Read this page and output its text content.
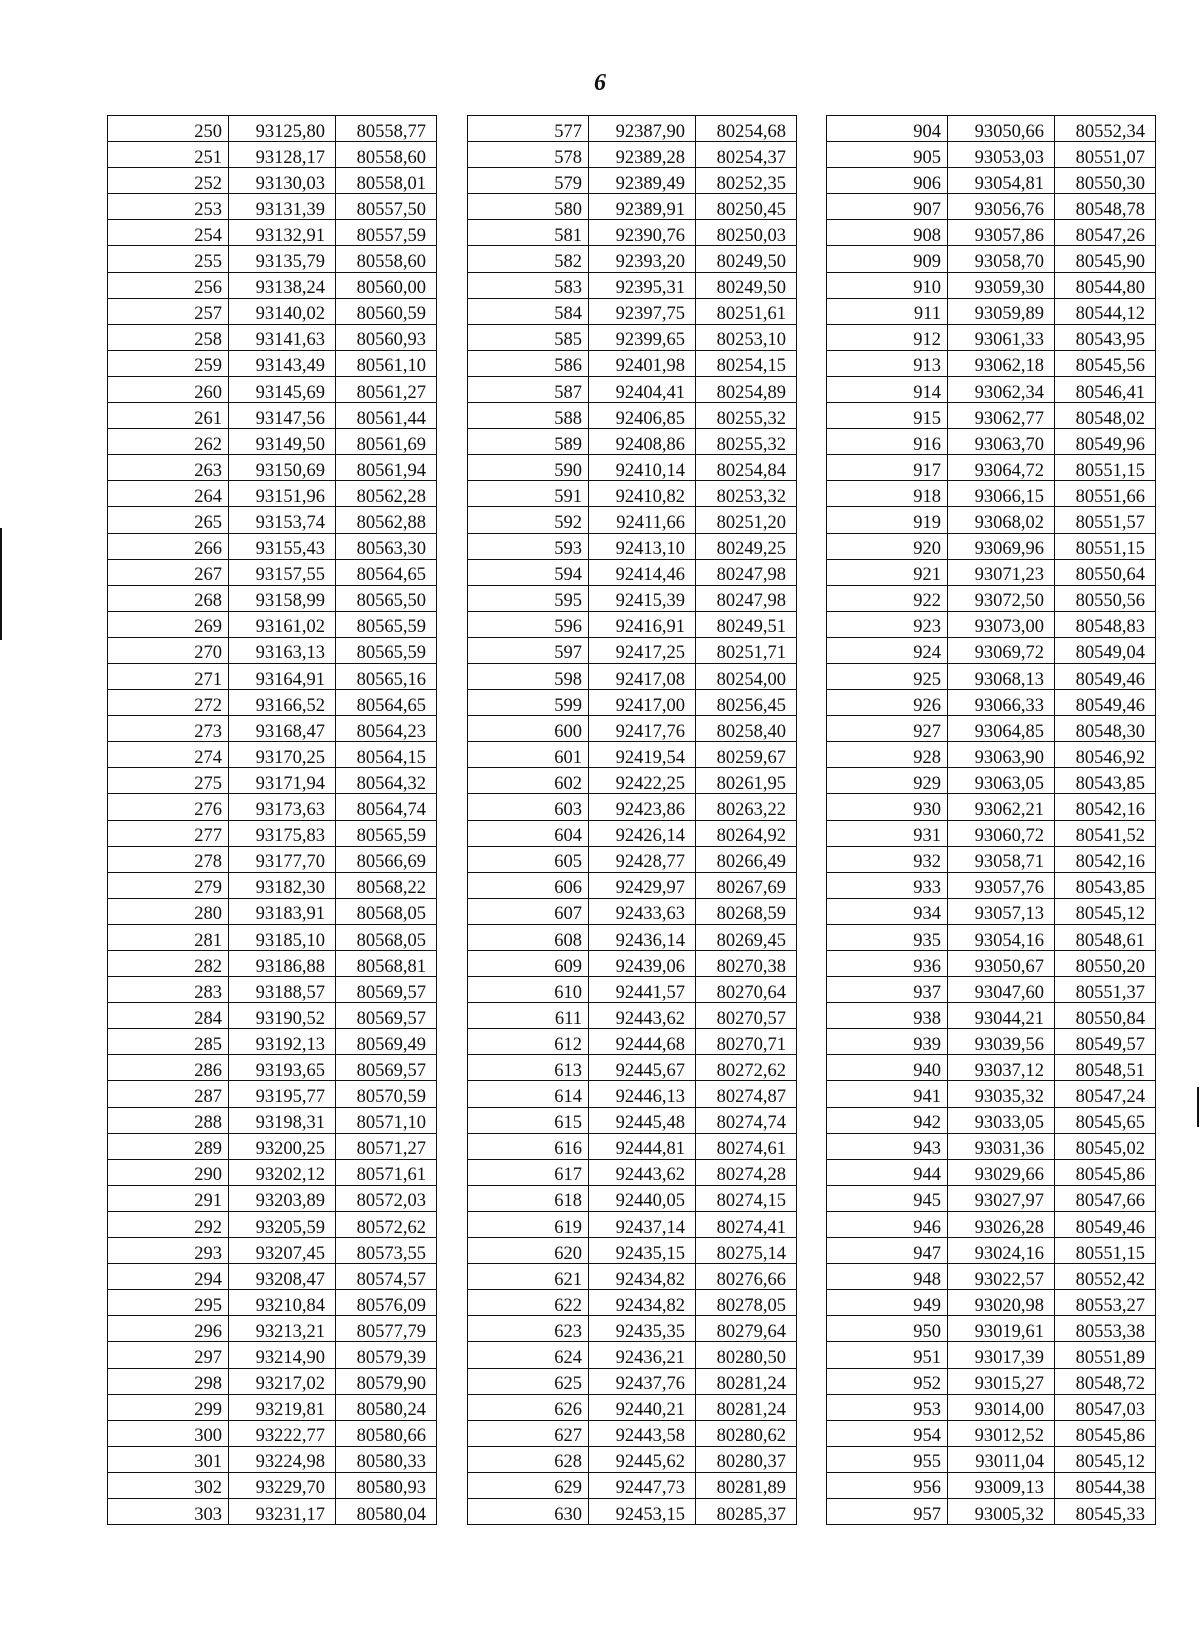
6
250	93125,80	80558,77
251	93128,17	80558,60
252	93130,03	80558,01
253	93131,39	80557,50
254	93132,91	80557,59
255	93135,79	80558,60
256	93138,24	80560,00
257	93140,02	80560,59
258	93141,63	80560,93
259	93143,49	80561,10
260	93145,69	80561,27
261	93147,56	80561,44
262	93149,50	80561,69
263	93150,69	80561,94
264	93151,96	80562,28
265	93153,74	80562,88
266	93155,43	80563,30
267	93157,55	80564,65
268	93158,99	80565,50
269	93161,02	80565,59
270	93163,13	80565,59
271	93164,91	80565,16
272	93166,52	80564,65
273	93168,47	80564,23
274	93170,25	80564,15
275	93171,94	80564,32
276	93173,63	80564,74
277	93175,83	80565,59
278	93177,70	80566,69
279	93182,30	80568,22
280	93183,91	80568,05
281	93185,10	80568,05
282	93186,88	80568,81
283	93188,57	80569,57
284	93190,52	80569,57
285	93192,13	80569,49
286	93193,65	80569,57
287	93195,77	80570,59
288	93198,31	80571,10
289	93200,25	80571,27
290	93202,12	80571,61
291	93203,89	80572,03
292	93205,59	80572,62
293	93207,45	80573,55
294	93208,47	80574,57
295	93210,84	80576,09
296	93213,21	80577,79
297	93214,90	80579,39
298	93217,02	80579,90
299	93219,81	80580,24
300	93222,77	80580,66
301	93224,98	80580,33
302	93229,70	80580,93
303	93231,17	80580,04
577	92387,90	80254,68
578	92389,28	80254,37
579	92389,49	80252,35
580	92389,91	80250,45
581	92390,76	80250,03
582	92393,20	80249,50
583	92395,31	80249,50
584	92397,75	80251,61
585	92399,65	80253,10
586	92401,98	80254,15
587	92404,41	80254,89
588	92406,85	80255,32
589	92408,86	80255,32
590	92410,14	80254,84
591	92410,82	80253,32
592	92411,66	80251,20
593	92413,10	80249,25
594	92414,46	80247,98
595	92415,39	80247,98
596	92416,91	80249,51
597	92417,25	80251,71
598	92417,08	80254,00
599	92417,00	80256,45
600	92417,76	80258,40
601	92419,54	80259,67
602	92422,25	80261,95
603	92423,86	80263,22
604	92426,14	80264,92
605	92428,77	80266,49
606	92429,97	80267,69
607	92433,63	80268,59
608	92436,14	80269,45
609	92439,06	80270,38
610	92441,57	80270,64
611	92443,62	80270,57
612	92444,68	80270,71
613	92445,67	80272,62
614	92446,13	80274,87
615	92445,48	80274,74
616	92444,81	80274,61
617	92443,62	80274,28
618	92440,05	80274,15
619	92437,14	80274,41
620	92435,15	80275,14
621	92434,82	80276,66
622	92434,82	80278,05
623	92435,35	80279,64
624	92436,21	80280,50
625	92437,76	80281,24
626	92440,21	80281,24
627	92443,58	80280,62
628	92445,62	80280,37
629	92447,73	80281,89
630	92453,15	80285,37
904	93050,66	80552,34
905	93053,03	80551,07
906	93054,81	80550,30
907	93056,76	80548,78
908	93057,86	80547,26
909	93058,70	80545,90
910	93059,30	80544,80
911	93059,89	80544,12
912	93061,33	80543,95
913	93062,18	80545,56
914	93062,34	80546,41
915	93062,77	80548,02
916	93063,70	80549,96
917	93064,72	80551,15
918	93066,15	80551,66
919	93068,02	80551,57
920	93069,96	80551,15
921	93071,23	80550,64
922	93072,50	80550,56
923	93073,00	80548,83
924	93069,72	80549,04
925	93068,13	80549,46
926	93066,33	80549,46
927	93064,85	80548,30
928	93063,90	80546,92
929	93063,05	80543,85
930	93062,21	80542,16
931	93060,72	80541,52
932	93058,71	80542,16
933	93057,76	80543,85
934	93057,13	80545,12
935	93054,16	80548,61
936	93050,67	80550,20
937	93047,60	80551,37
938	93044,21	80550,84
939	93039,56	80549,57
940	93037,12	80548,51
941	93035,32	80547,24
942	93033,05	80545,65
943	93031,36	80545,02
944	93029,66	80545,86
945	93027,97	80547,66
946	93026,28	80549,46
947	93024,16	80551,15
948	93022,57	80552,42
949	93020,98	80553,27
950	93019,61	80553,38
951	93017,39	80551,89
952	93015,27	80548,72
953	93014,00	80547,03
954	93012,52	80545,86
955	93011,04	80545,12
956	93009,13	80544,38
957	93005,32	80545,33
